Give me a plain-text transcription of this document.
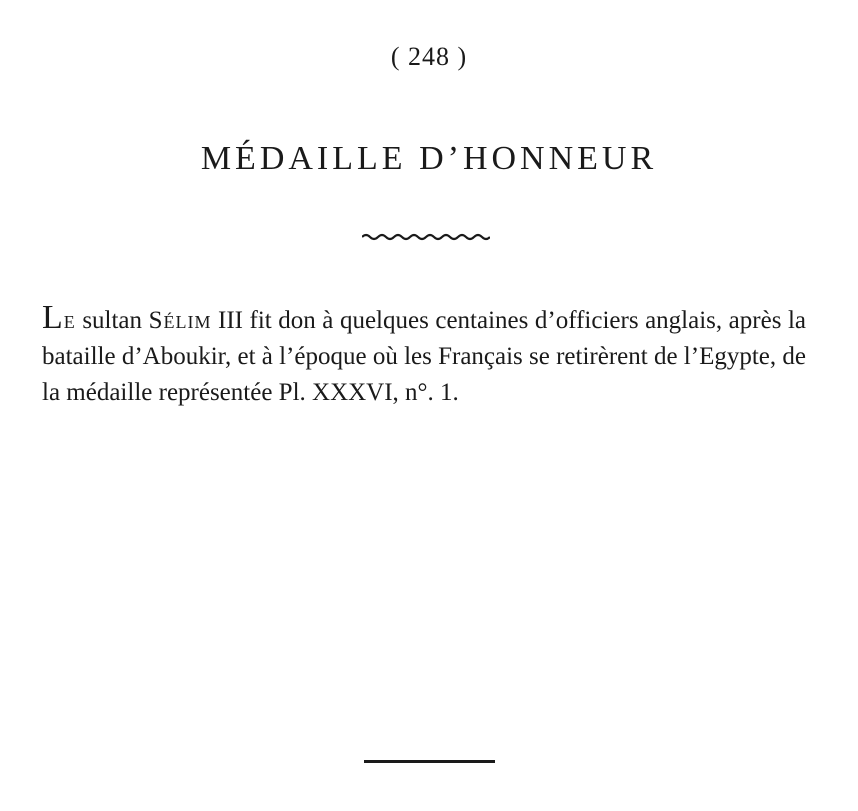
( 248 )
MÉDAILLE D’HONNEUR

Le sultan Sélim III fit don à quelques centaines d’officiers anglais, après la bataille d’Aboukir, et à l’époque où les Français se retirèrent de l’Egypte, de la médaille représentée Pl. XXXVI, n°. 1.
